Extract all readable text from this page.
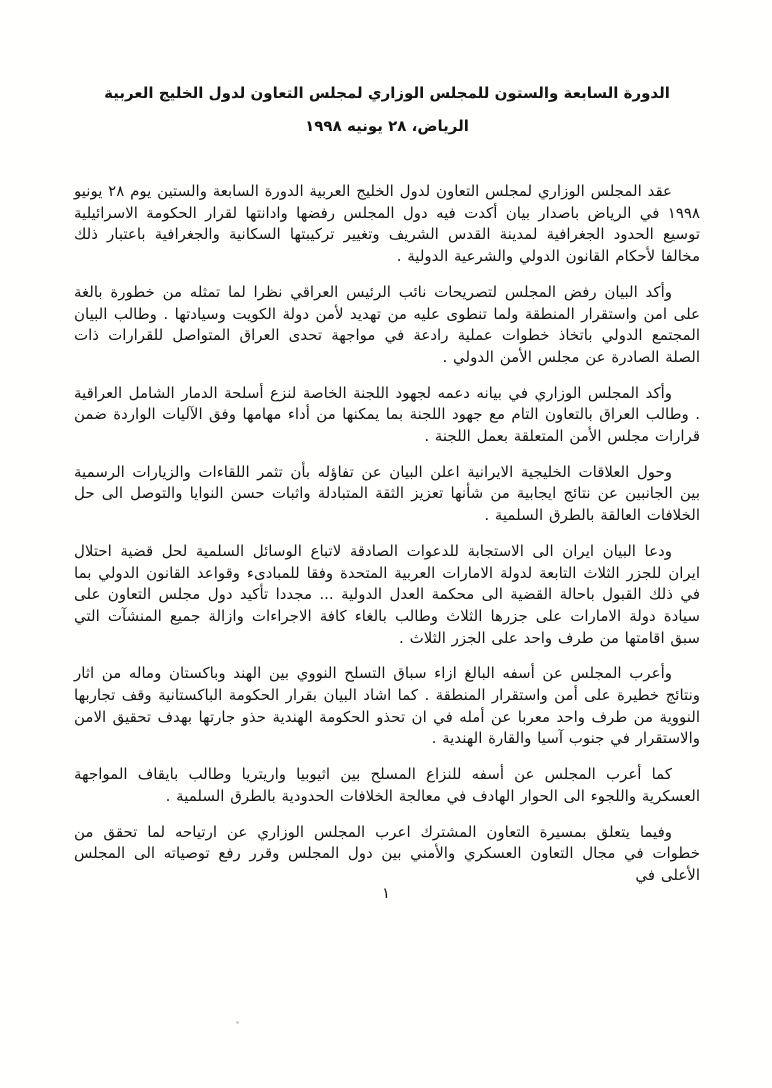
الدورة السابعة والستون للمجلس الوزاري لمجلس التعاون لدول الخليج العربية
الرياض، ٢٨ يونيه ١٩٩٨

عقد المجلس الوزاري لمجلس التعاون لدول الخليج العربية الدورة السابعة والستين يوم ٢٨ يونيو ١٩٩٨ في الرياض باصدار بيان أكدت فيه دول المجلس رفضها وادانتها لقرار الحكومة الاسرائيلية توسيع الحدود الجغرافية لمدينة القدس الشريف وتغيير تركيبتها السكانية والجغرافية باعتبار ذلك مخالفا لأحكام القانون الدولي والشرعية الدولية .

وأكد البيان رفض المجلس لتصريحات نائب الرئيس العراقي نظرا لما تمثله من خطورة بالغة على امن واستقرار المنطقة ولما تنطوى عليه من تهديد لأمن دولة الكويت وسيادتها . وطالب البيان المجتمع الدولي باتخاذ خطوات عملية رادعة في مواجهة تحدى العراق المتواصل للقرارات ذات الصلة الصادرة عن مجلس الأمن الدولي .

وأكد المجلس الوزاري في بيانه دعمه لجهود اللجنة الخاصة لنزع أسلحة الدمار الشامل العراقية . وطالب العراق بالتعاون التام مع جهود اللجنة بما يمكنها من أداء مهامها وفق الآليات الواردة ضمن قرارات مجلس الأمن المتعلقة بعمل اللجنة .

وحول العلاقات الخليجية الايرانية اعلن البيان عن تفاؤله بأن تثمر اللقاءات والزيارات الرسمية بين الجانبين عن نتائج ايجابية من شأنها تعزيز الثقة المتبادلة واثبات حسن النوايا والتوصل الى حل الخلافات العالقة بالطرق السلمية .

ودعا البيان ايران الى الاستجابة للدعوات الصادقة لاتباع الوسائل السلمية لحل قضية احتلال ايران للجزر الثلاث التابعة لدولة الامارات العربية المتحدة وفقا للمبادىء وقواعد القانون الدولي بما في ذلك القبول باحالة القضية الى محكمة العدل الدولية ... مجددا تأكيد دول مجلس التعاون على سيادة دولة الامارات على جزرها الثلاث وطالب بالغاء كافة الاجراءات وازالة جميع المنشآت التي سبق اقامتها من طرف واحد على الجزر الثلاث .

وأعرب المجلس عن أسفه البالغ ازاء سباق التسلح النووي بين الهند وباكستان وماله من اثار ونتائج خطيرة على أمن واستقرار المنطقة . كما اشاد البيان بقرار الحكومة الباكستانية وقف تجاربها النووية من طرف واحد معربا عن أمله في ان تحذو الحكومة الهندية حذو جارتها بهدف تحقيق الامن والاستقرار في جنوب آسيا والقارة الهندية .

كما أعرب المجلس عن أسفه للنزاع المسلح بين اثيوبيا واريتريا وطالب بايقاف المواجهة العسكرية واللجوء الى الحوار الهادف في معالجة الخلافات الحدودية بالطرق السلمية .

وفيما يتعلق بمسيرة التعاون المشترك اعرب المجلس الوزاري عن ارتياحه لما تحقق من خطوات في مجال التعاون العسكري والأمني بين دول المجلس وقرر رفع توصياته الى المجلس الأعلى في

١
